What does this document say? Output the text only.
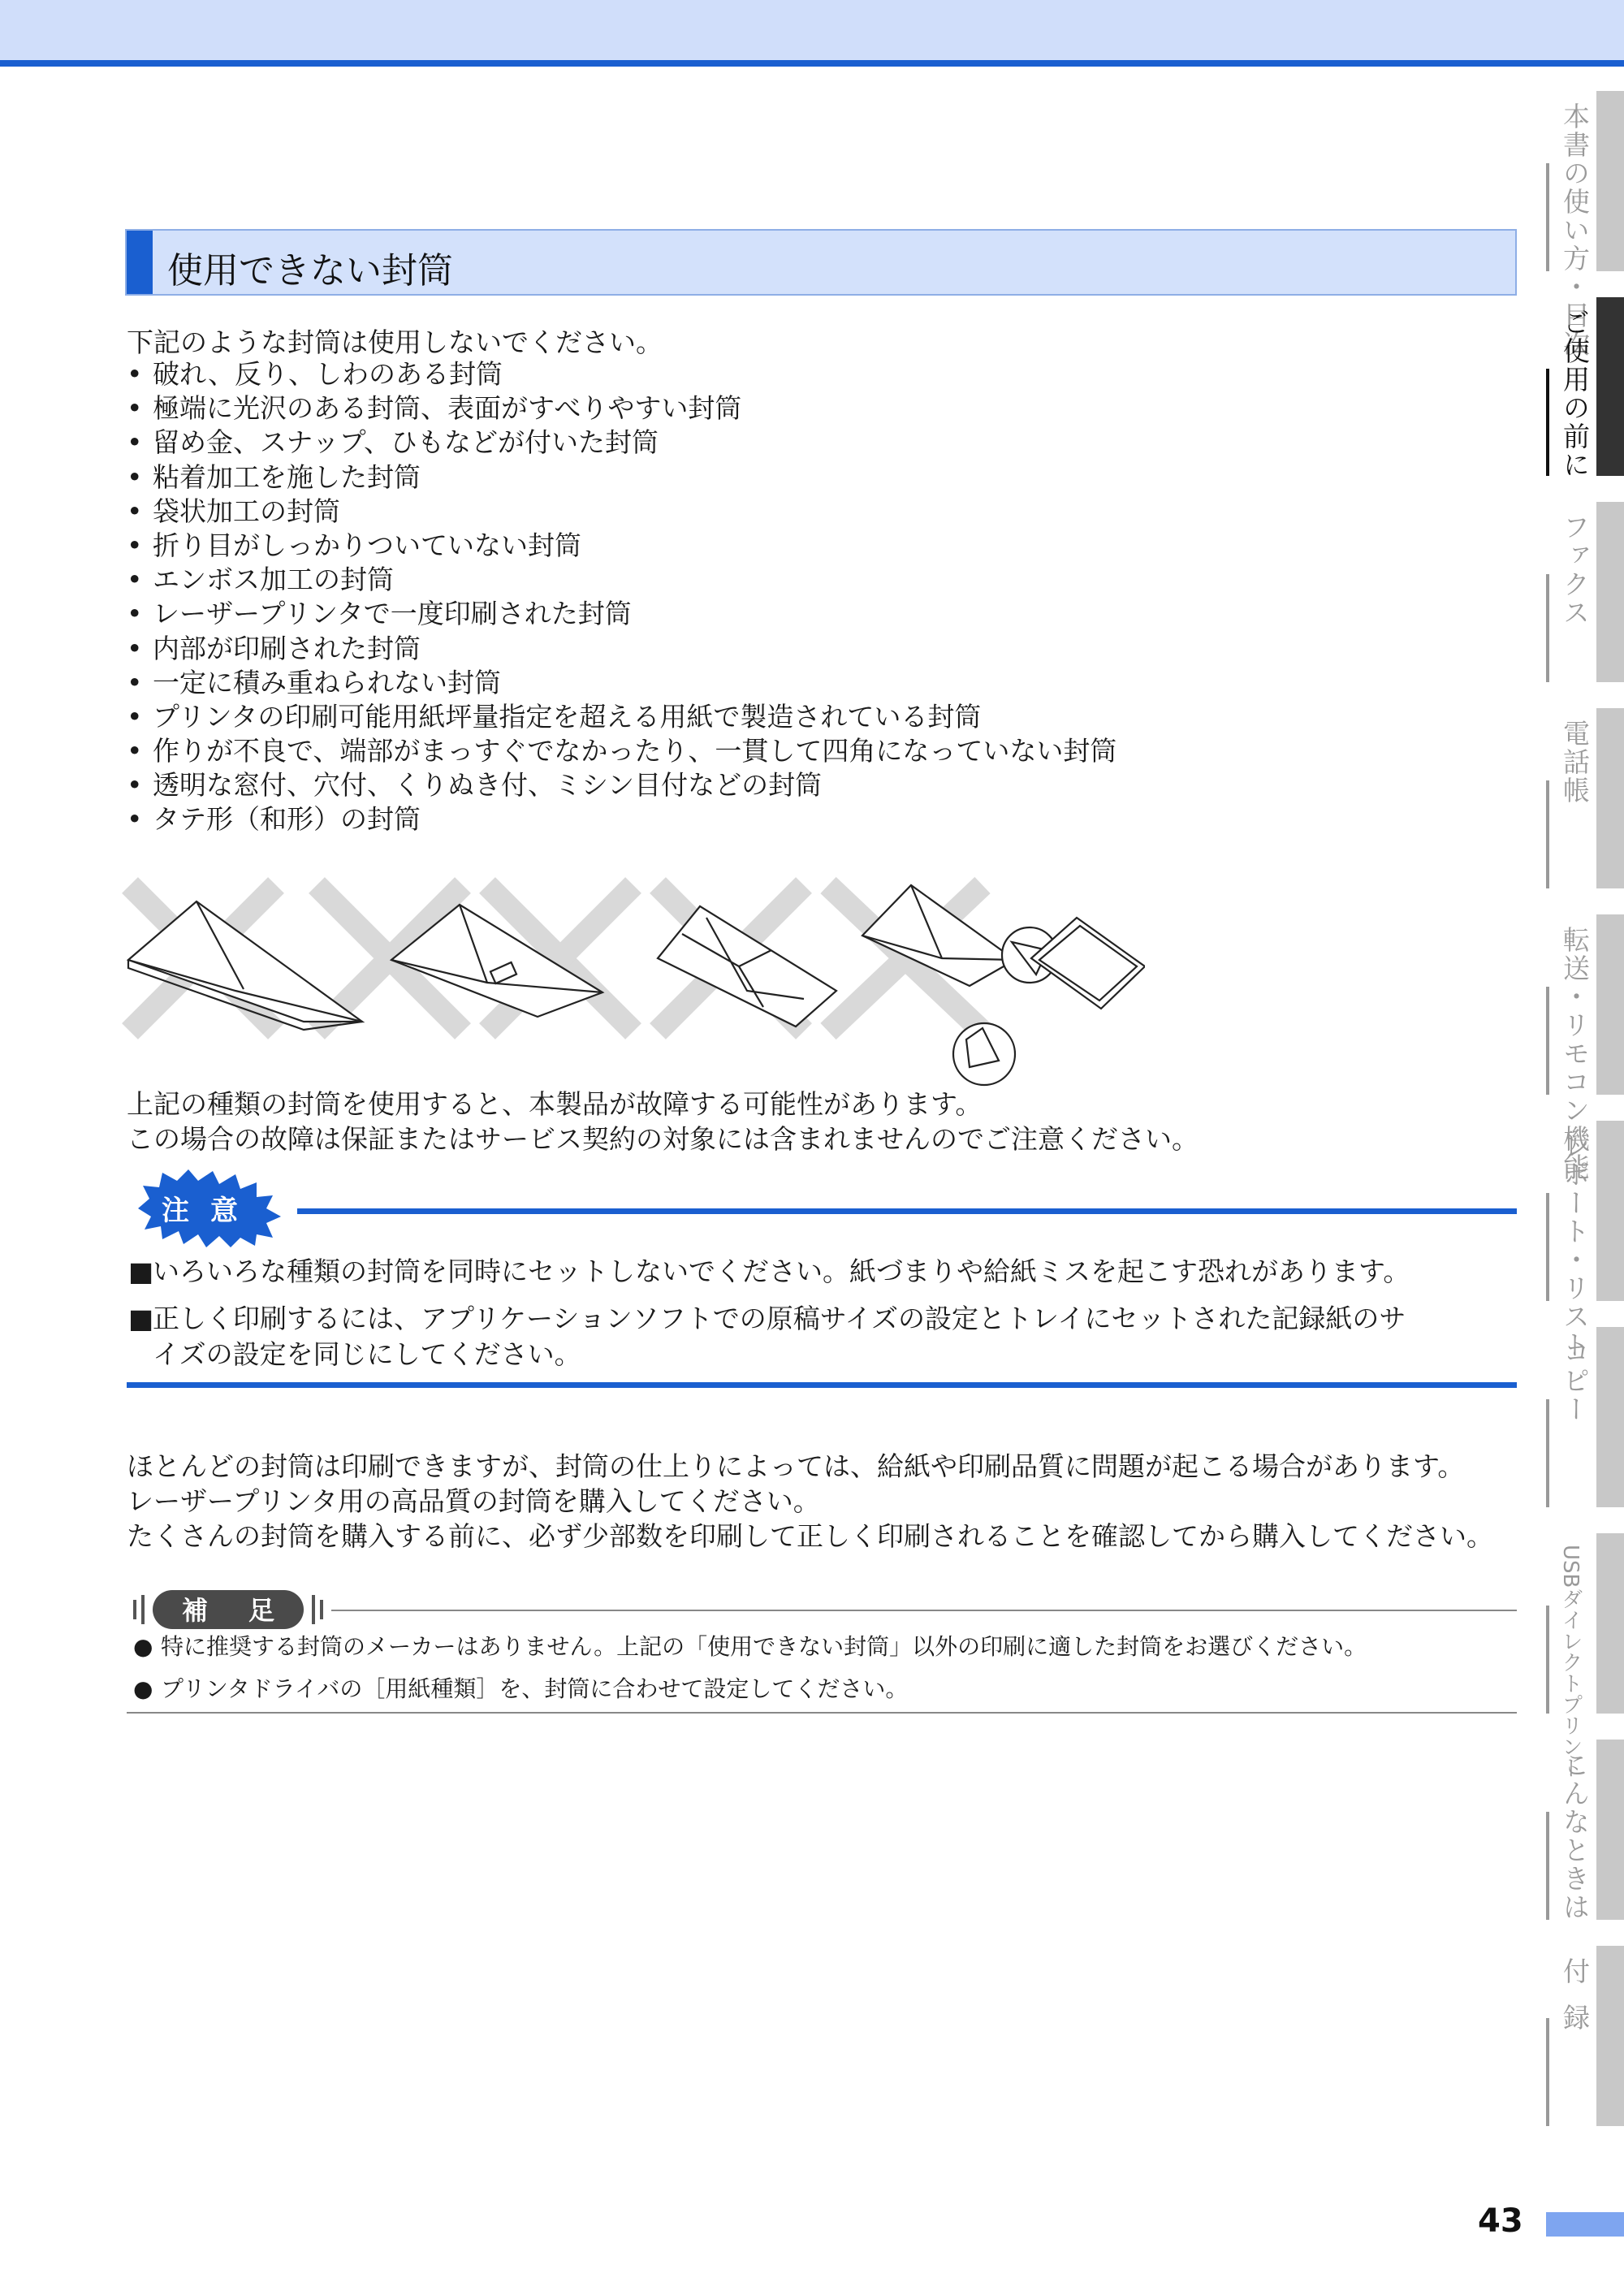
使用できない封筒
下記のような封筒は使用しないでください。
• 破れ、反り、しわのある封筒
• 極端に光沢のある封筒、表面がすべりやすい封筒
• 留め金、スナップ、ひもなどが付いた封筒
• 粘着加工を施した封筒
• 袋状加工の封筒
• 折り目がしっかりついていない封筒
• エンボス加工の封筒
• レーザープリンタで一度印刷された封筒
• 内部が印刷された封筒
• 一定に積み重ねられない封筒
• プリンタの印刷可能用紙坪量指定を超える用紙で製造されている封筒
• 作りが不良で、端部がまっすぐでなかったり、一貫して四角になっていない封筒
• 透明な窓付、穴付、くりぬき付、ミシン目付などの封筒
• タテ形（和形）の封筒
上記の種類の封筒を使用すると、本製品が故障する可能性があります。
この場合の故障は保証またはサービス契約の対象には含まれませんのでご注意ください。
注 意
■いろいろな種類の封筒を同時にセットしないでください。紙づまりや給紙ミスを起こす恐れがあります。
■正しく印刷するには、アプリケーションソフトでの原稿サイズの設定とトレイにセットされた記録紙のサ
イズの設定を同じにしてください。
ほとんどの封筒は印刷できますが、封筒の仕上りによっては、給紙や印刷品質に問題が起こる場合があります。
レーザープリンタ用の高品質の封筒を購入してください。
たくさんの封筒を購入する前に、必ず少部数を印刷して正しく印刷されることを確認してから購入してください。
補 足
● 特に推奨する封筒のメーカーはありません。上記の「使用できない封筒」以外の印刷に適した封筒をお選びください。
● プリンタドライバの［用紙種類］を、封筒に合わせて設定してください。
本書の使い方・目次
ご使用の前に
ファクス
電話帳
転送・リモコン機能
レポート・リスト
コピー
USBダイレクトプリント
こんなときは
付録
43
